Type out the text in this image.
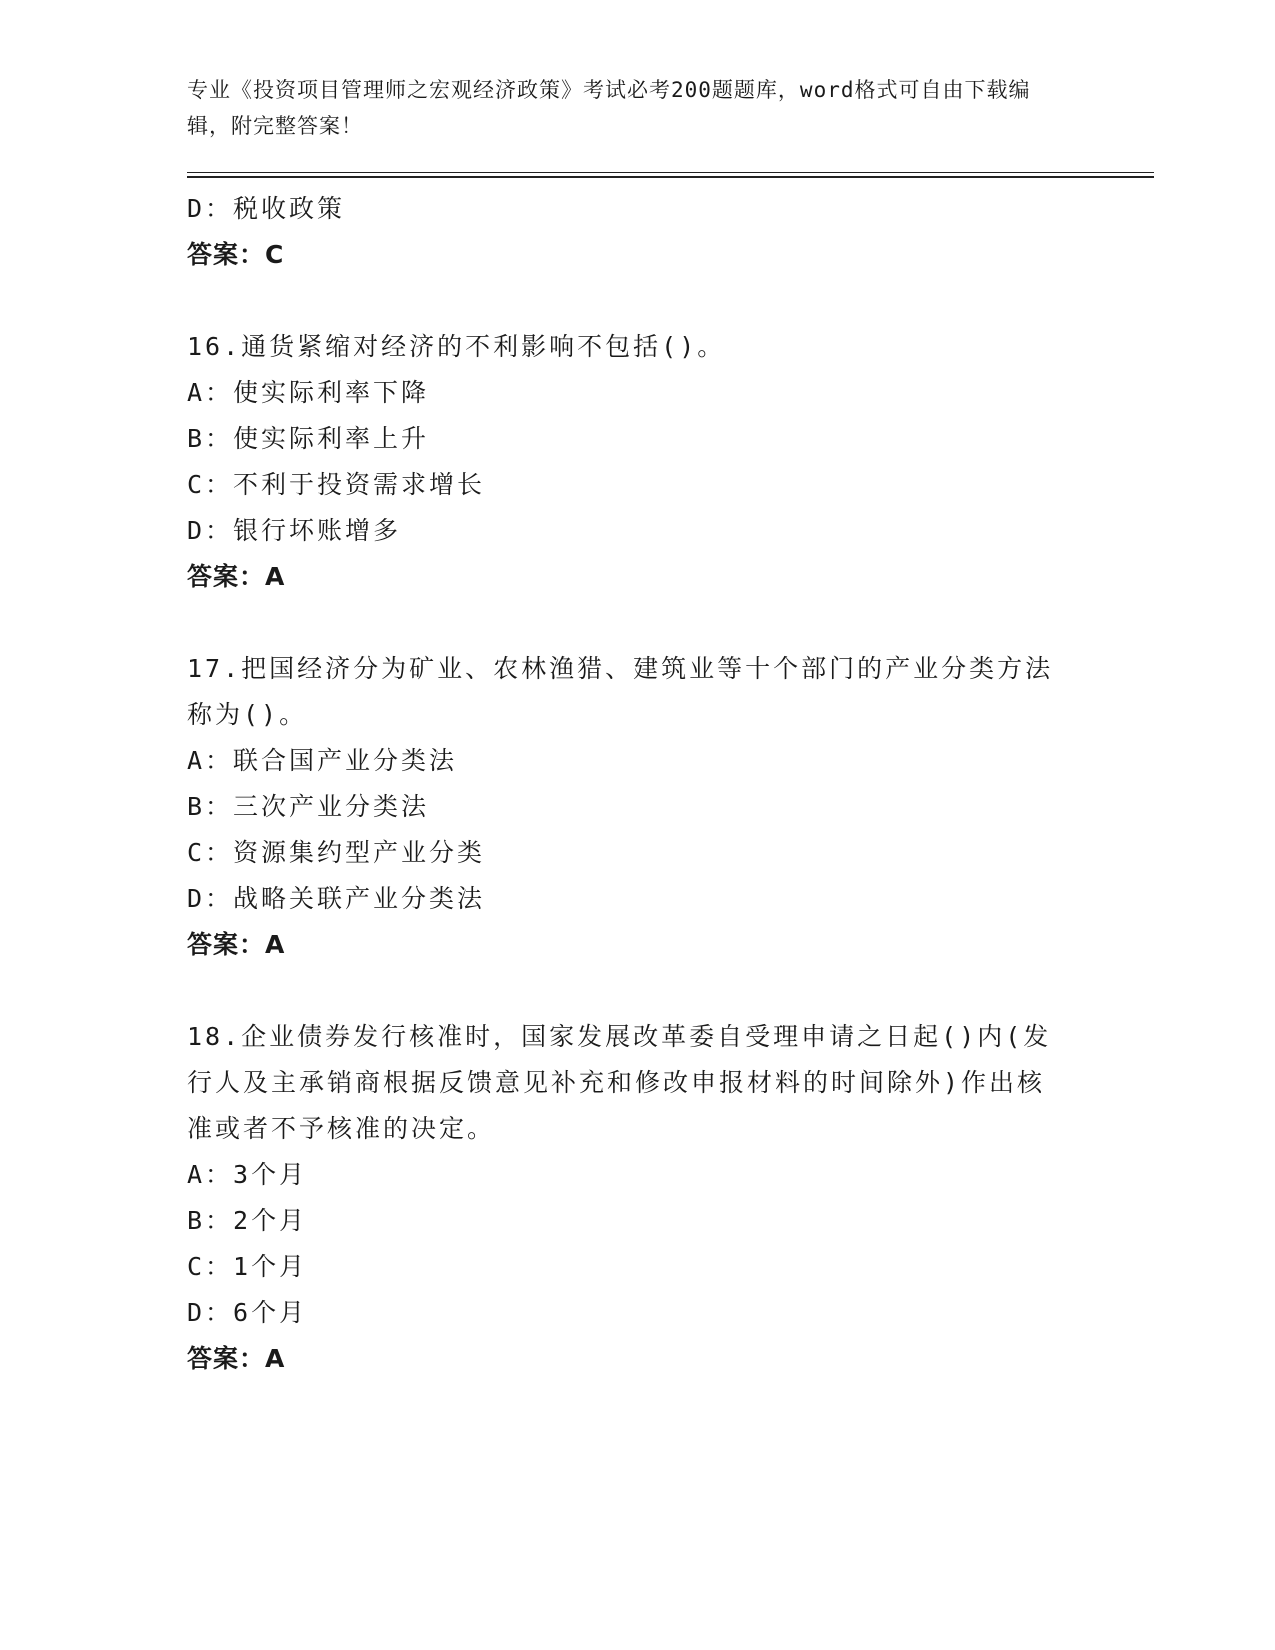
专业《投资项目管理师之宏观经济政策》考试必考200题题库，word格式可自由下载编辑，附完整答案！
D：税收政策
答案：C
16.通货紧缩对经济的不利影响不包括()。
A：使实际利率下降
B：使实际利率上升
C：不利于投资需求增长
D：银行坏账增多
答案：A
17.把国经济分为矿业、农林渔猎、建筑业等十个部门的产业分类方法称为()。
A：联合国产业分类法
B：三次产业分类法
C：资源集约型产业分类
D：战略关联产业分类法
答案：A
18.企业债券发行核准时，国家发展改革委自受理申请之日起()内(发行人及主承销商根据反馈意见补充和修改申报材料的时间除外)作出核准或者不予核准的决定。
A：3个月
B：2个月
C：1个月
D：6个月
答案：A
